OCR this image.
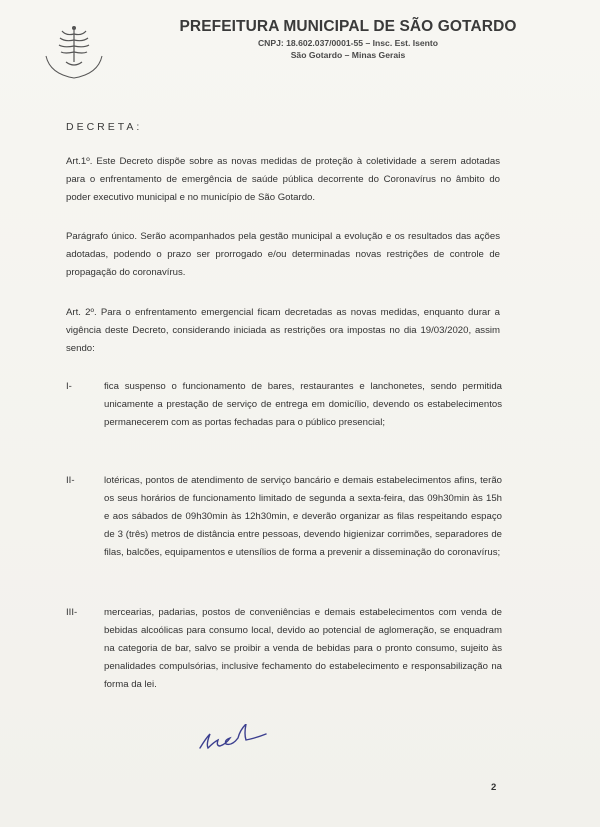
PREFEITURA MUNICIPAL DE SÃO GOTARDO
CNPJ: 18.602.037/0001-55 – Insc. Est. Isento
São Gotardo – Minas Gerais
DECRETA:
Art.1º. Este Decreto dispõe sobre as novas medidas de proteção à coletividade a serem adotadas para o enfrentamento de emergência de saúde pública decorrente do Coronavírus no âmbito do poder executivo municipal e no município de São Gotardo.
Parágrafo único. Serão acompanhados pela gestão municipal a evolução e os resultados das ações adotadas, podendo o prazo ser prorrogado e/ou determinadas novas restrições de controle de propagação do coronavírus.
Art. 2º. Para o enfrentamento emergencial ficam decretadas as novas medidas, enquanto durar a vigência deste Decreto, considerando iniciada as restrições ora impostas no dia 19/03/2020, assim sendo:
I-	fica suspenso o funcionamento de bares, restaurantes e lanchonetes, sendo permitida unicamente a prestação de serviço de entrega em domicílio, devendo os estabelecimentos permanecerem com as portas fechadas para o público presencial;
II-	lotéricas, pontos de atendimento de serviço bancário e demais estabelecimentos afins, terão os seus horários de funcionamento limitado de segunda a sexta-feira, das 09h30min às 15h e aos sábados de 09h30min às 12h30min, e deverão organizar as filas respeitando espaço de 3 (três) metros de distância entre pessoas, devendo higienizar corrimões, separadores de filas, balcões, equipamentos e utensílios de forma a prevenir a disseminação do coronavírus;
III-	mercearias, padarias, postos de conveniências e demais estabelecimentos com venda de bebidas alcoólicas para consumo local, devido ao potencial de aglomeração, se enquadram na categoria de bar, salvo se proibir a venda de bebidas para o pronto consumo, sujeito às penalidades compulsórias, inclusive fechamento do estabelecimento e responsabilização na forma da lei.
2
